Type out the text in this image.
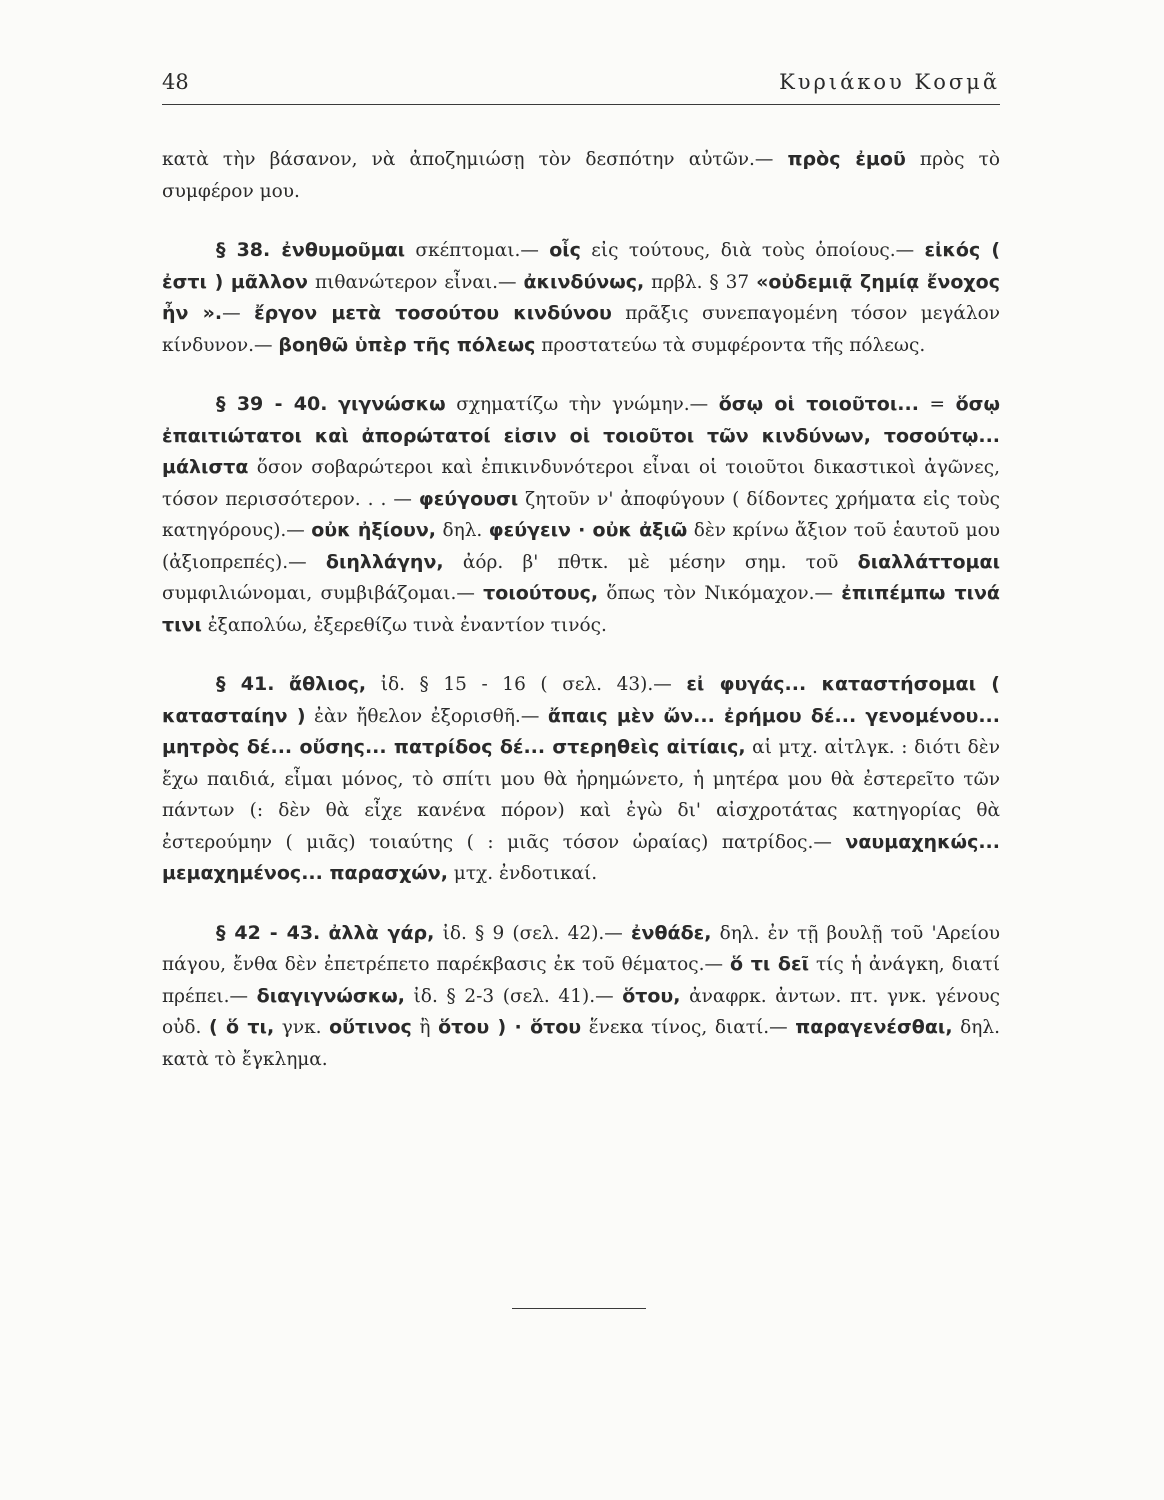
48	Κυριάκου Κοσμᾶ

κατὰ τὴν βάσανον, νὰ ἀποζημιώσῃ τὸν δεσπότην αὐτῶν.— πρὸς ἐμοῦ πρὸς τὸ συμφέρον μου.

§ 38. ἐνθυμοῦμαι σκέπτομαι.— οἷς εἰς τούτους, διὰ τοὺς ὁποίους.— εἰκός ( ἐστι ) μᾶλλον πιθανώτερον εἶναι.— ἀκινδύνως, πρβλ. § 37 «οὐδεμιᾷ ζημίᾳ ἔνοχος ἦν ».— ἔργον μετὰ τοσούτου κινδύνου πρᾶξις συνεπαγομένη τόσον μεγάλον κίνδυνον.— βοηθῶ ὑπὲρ τῆς πόλεως προστατεύω τὰ συμφέροντα τῆς πόλεως.

§ 39 - 40. γιγνώσκω σχηματίζω τὴν γνώμην.— ὅσῳ οἱ τοιοῦτοι... = ὅσῳ ἐπαιτιώτατοι καὶ ἀπορώτατοί εἰσιν οἱ τοιοῦτοι τῶν κινδύνων, τοσούτῳ... μάλιστα ὅσον σοβαρώτεροι καὶ ἐπικινδυνότεροι εἶναι οἱ τοιοῦτοι δικαστικοὶ ἀγῶνες, τόσον περισσότερον. . . — φεύγουσι ζητοῦν ν' ἀποφύγουν ( δίδοντες χρήματα εἰς τοὺς κατηγόρους).— οὐκ ἠξίουν, δηλ. φεύγειν · οὐκ ἀξιῶ δὲν κρίνω ἄξιον τοῦ ἑαυτοῦ μου (ἀξιοπρεπές).— διηλλάγην, ἀόρ. β' πθτκ. μὲ μέσην σημ. τοῦ διαλλάττομαι συμφιλιώνομαι, συμβιβάζομαι.— τοιούτους, ὅπως τὸν Νικόμαχον.— ἐπιπέμπω τινά τινι ἐξαπολύω, ἐξερεθίζω τινὰ ἐναντίον τινός.

§ 41. ἄθλιος, ἰδ. § 15 - 16 ( σελ. 43).— εἰ φυγάς... καταστήσομαι ( κατασταίην ) ἐὰν ἤθελον ἐξορισθῆ.— ἄπαις μὲν ὤν... ἐρήμου δέ... γενομένου... μητρὸς δέ... οὔσης... πατρίδος δέ... στερηθεὶς αἰτίαις, αἱ μτχ. αἰτλγκ. : διότι δὲν ἔχω παιδιά, εἶμαι μόνος, τὸ σπίτι μου θὰ ἠρημώνετο, ἡ μητέρα μου θὰ ἐστερεῖτο τῶν πάντων (: δὲν θὰ εἶχε κανένα πόρον) καὶ ἐγὼ δι' αἰσχροτάτας κατηγορίας θὰ ἐστερούμην ( μιᾶς) τοιαύτης ( : μιᾶς τόσον ὡραίας) πατρίδος.— ναυμαχηκώς... μεμαχημένος... παρασχών, μτχ. ἐνδοτικαί.

§ 42 - 43. ἀλλὰ γάρ, ἰδ. § 9 (σελ. 42).— ἐνθάδε, δηλ. ἐν τῇ βουλῇ τοῦ 'Αρείου πάγου, ἔνθα δὲν ἐπετρέπετο παρέκβασις ἐκ τοῦ θέματος.— ὅ τι δεῖ τίς ἡ ἀνάγκη, διατί πρέπει.— διαγιγνώσκω, ἰδ. § 2-3 (σελ. 41).— ὅτου, ἀναφρκ. ἀντων. πτ. γνκ. γένους οὐδ. ( ὅ τι, γνκ. οὔτινος ἢ ὅτου ) · ὅτου ἕνεκα τίνος, διατί.— παραγενέσθαι, δηλ. κατὰ τὸ ἔγκλημα.
